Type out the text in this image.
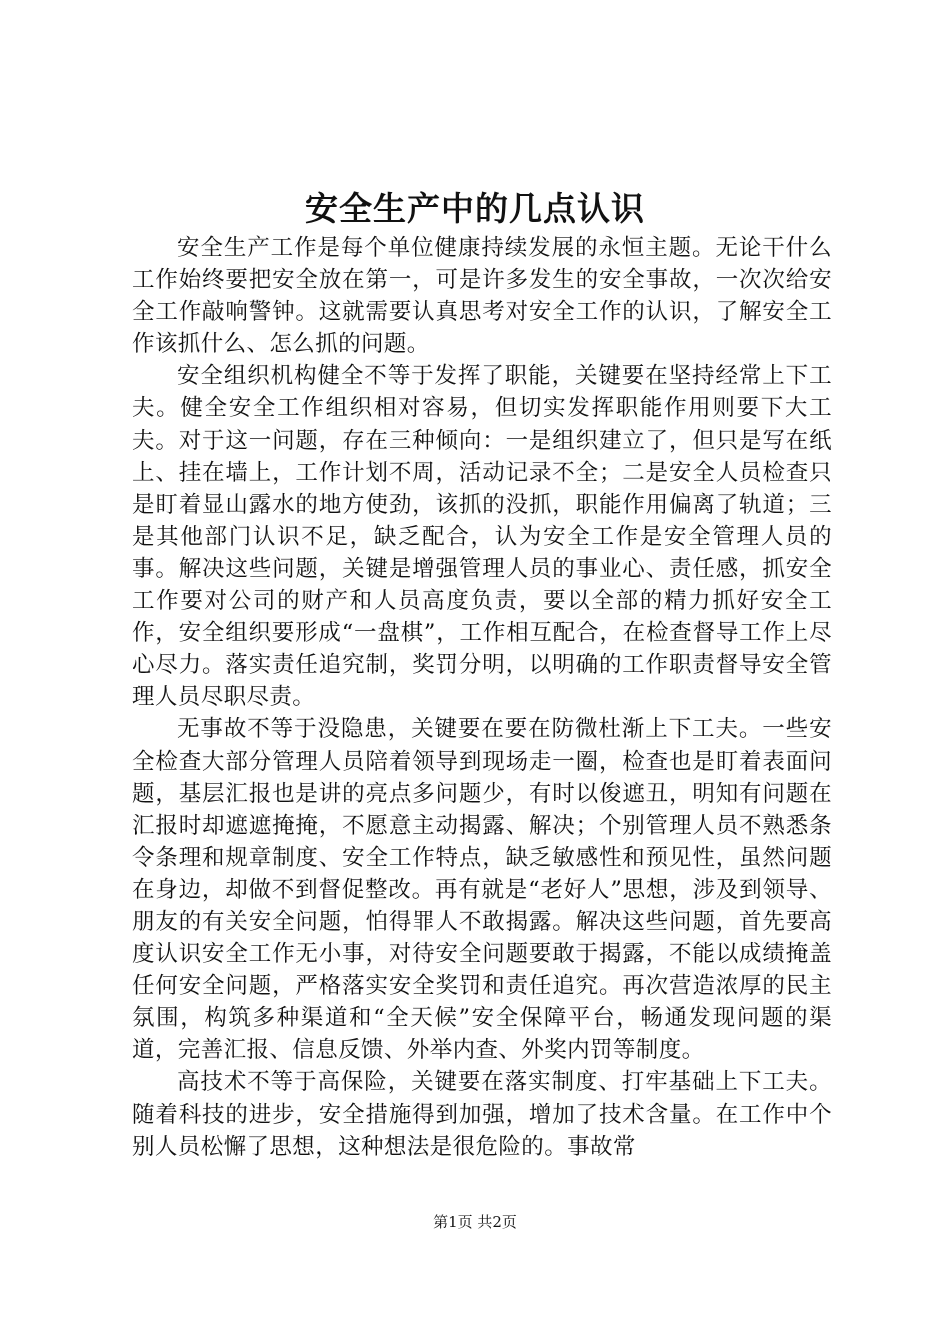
安全生产中的几点认识

安全生产工作是每个单位健康持续发展的永恒主题。无论干什么工作始终要把安全放在第一，可是许多发生的安全事故，一次次给安全工作敲响警钟。这就需要认真思考对安全工作的认识，了解安全工作该抓什么、怎么抓的问题。

安全组织机构健全不等于发挥了职能，关键要在坚持经常上下工夫。健全安全工作组织相对容易，但切实发挥职能作用则要下大工夫。对于这一问题，存在三种倾向：一是组织建立了，但只是写在纸上、挂在墙上，工作计划不周，活动记录不全；二是安全人员检查只是盯着显山露水的地方使劲，该抓的没抓，职能作用偏离了轨道；三是其他部门认识不足，缺乏配合，认为安全工作是安全管理人员的事。解决这些问题，关键是增强管理人员的事业心、责任感，抓安全工作要对公司的财产和人员高度负责，要以全部的精力抓好安全工作，安全组织要形成“一盘棋”，工作相互配合，在检查督导工作上尽心尽力。落实责任追究制，奖罚分明，以明确的工作职责督导安全管理人员尽职尽责。

无事故不等于没隐患，关键要在要在防微杜渐上下工夫。一些安全检查大部分管理人员陪着领导到现场走一圈，检查也是盯着表面问题，基层汇报也是讲的亮点多问题少，有时以俊遮丑，明知有问题在汇报时却遮遮掩掩，不愿意主动揭露、解决；个别管理人员不熟悉条令条理和规章制度、安全工作特点，缺乏敏感性和预见性，虽然问题在身边，却做不到督促整改。再有就是“老好人”思想，涉及到领导、朋友的有关安全问题，怕得罪人不敢揭露。解决这些问题，首先要高度认识安全工作无小事，对待安全问题要敢于揭露，不能以成绩掩盖任何安全问题，严格落实安全奖罚和责任追究。再次营造浓厚的民主氛围，构筑多种渠道和“全天候”安全保障平台，畅通发现问题的渠道，完善汇报、信息反馈、外举内查、外奖内罚等制度。

高技术不等于高保险，关键要在落实制度、打牢基础上下工夫。随着科技的进步，安全措施得到加强，增加了技术含量。在工作中个别人员松懈了思想，这种想法是很危险的。事故常

第1页 共2页
